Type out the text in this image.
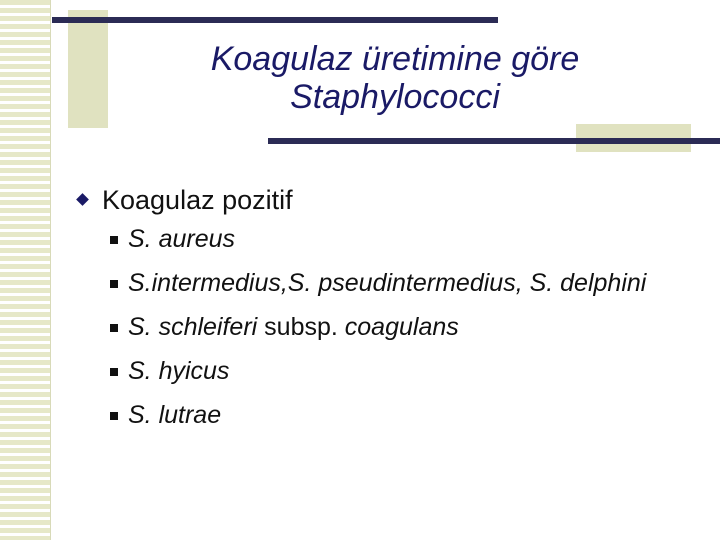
Koagulaz üretimine göre
Staphylococci
Koagulaz pozitif
S. aureus
S.intermedius,S. pseudintermedius, S. delphini
S. schleiferi subsp. coagulans
S. hyicus
S. lutrae
